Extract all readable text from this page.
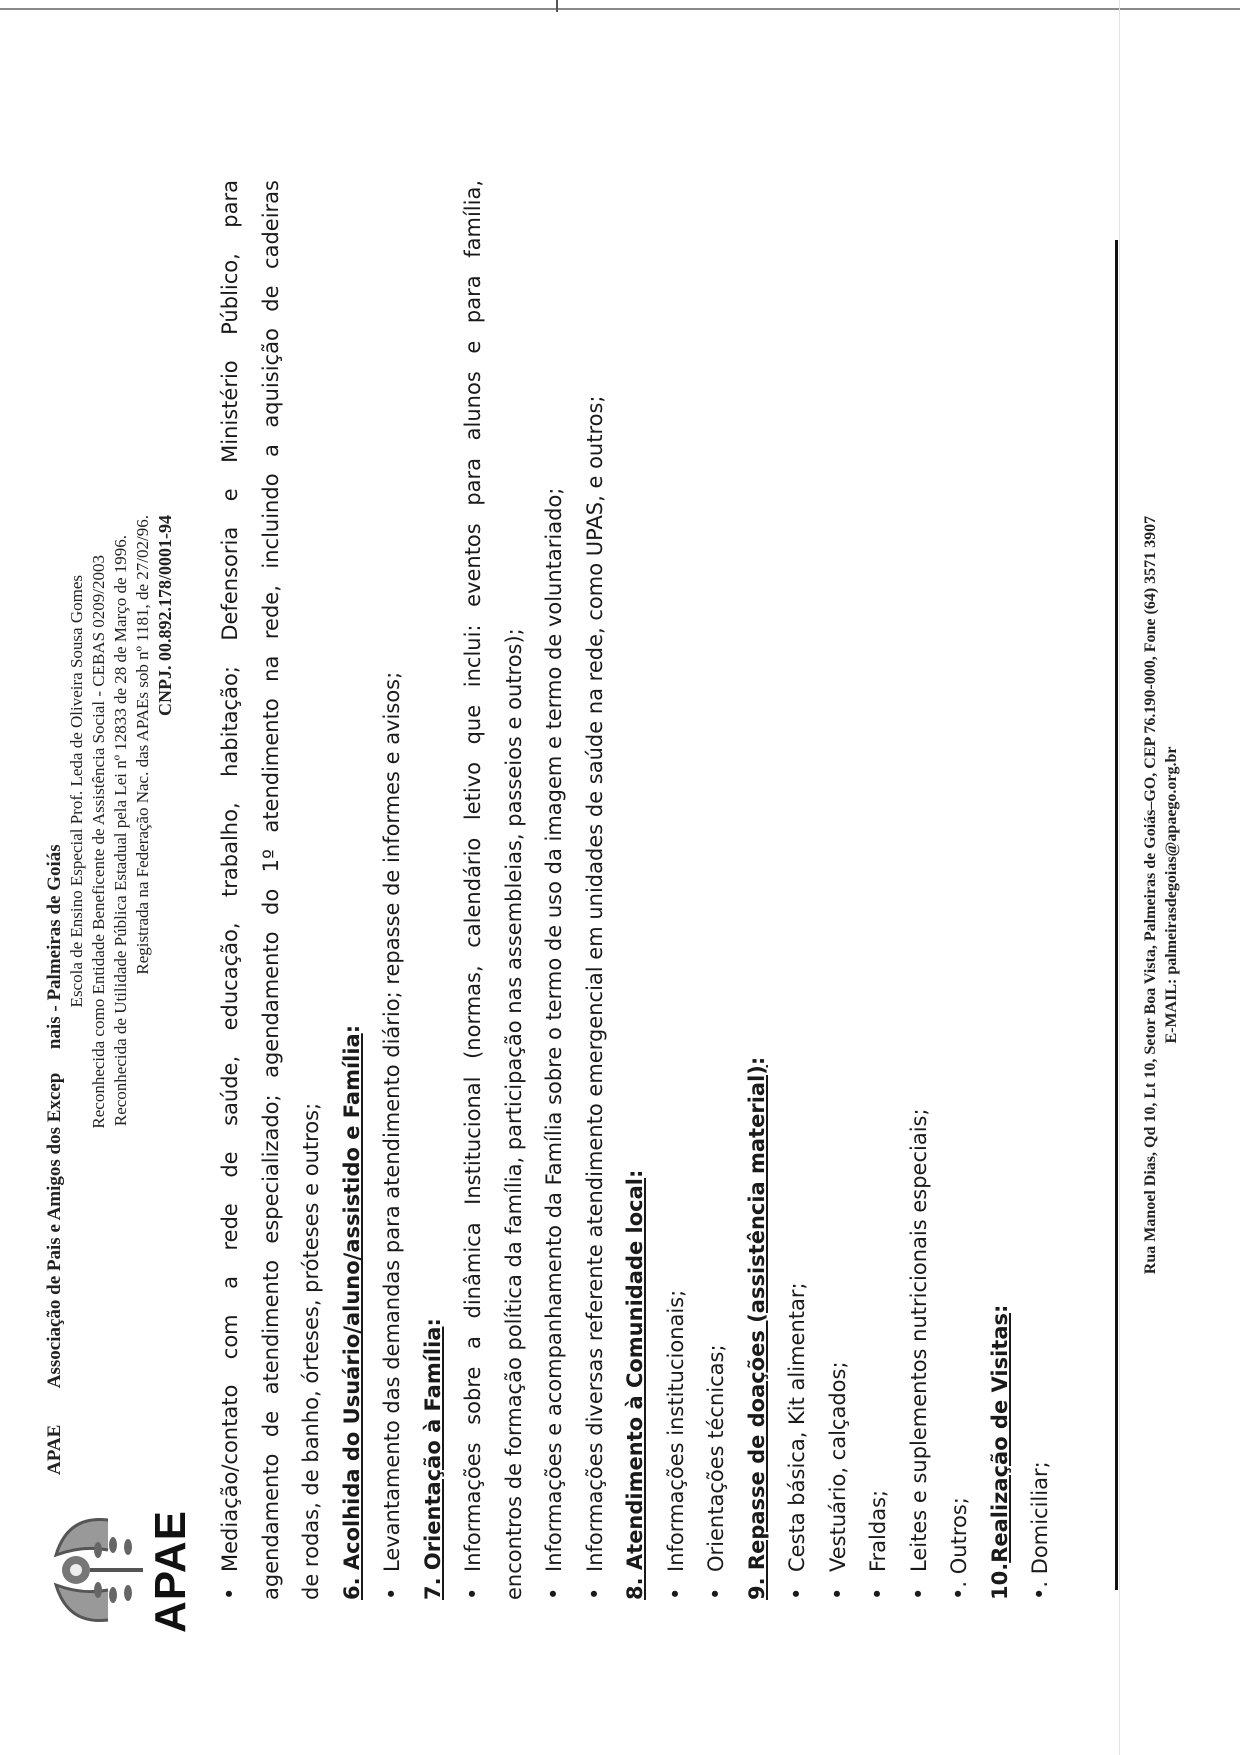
APAE

APAE  Associação de Pais e Amigos dos Excep  nais - Palmeiras de Goiás Escola de Ensino Especial Prof. Leda de Oliveira Sousa Gomes Reconhecida como Entidade Beneficente de Assistência Social - CEBAS 0209/2003 Reconhecida de Utilidade Pública Estadual pela Lei nº 12833 de 28 de Março de 1996. Registrada na Federação Nac. das APAEs sob nº 1181, de 27/02/96. CNPJ. 00.892.178/0001-94	• Mediação/contato com a rede de saúde, educação, trabalho, habitação; Defensoria e Ministério Público, para agendamento de atendimento especializado; agendamento do 1º atendimento na rede, incluindo a aquisição de cadeiras de rodas, de banho, órteses, próteses e outros; 6. Acolhida do Usuário/aluno/assistido e Família: • Levantamento das demandas para atendimento diário; repasse de informes e avisos; 7. Orientação à Família: • Informações sobre a dinâmica Institucional (normas, calendário letivo que inclui: eventos para alunos e para família, encontros de formação política da família, participação nas assembleias, passeios e outros); • Informações e acompanhamento da Família sobre o termo de uso da imagem e termo de voluntariado; • Informações diversas referente atendimento emergencial em unidades de saúde na rede, como UPAS, e outros; 8. Atendimento à Comunidade local:

• Informações institucionais; • Orientações técnicas; 9. Repasse de doações (assistência material):

• Cesta básica, Kit alimentar; • Vestuário, calçados; • Fraldas; • Leites e suplementos nutricionais especiais;

•. Outros; 10.Realização de Visitas:

•. Domiciliar;

Rua Manoel Dias, Qd 10, Lt 10, Setor Boa Vista, Palmeiras de Goiás–GO, CEP 76.190-000, Fone (64) 3571 3907 E-MAIL: palmeirasdegoias@apaego.org.br
